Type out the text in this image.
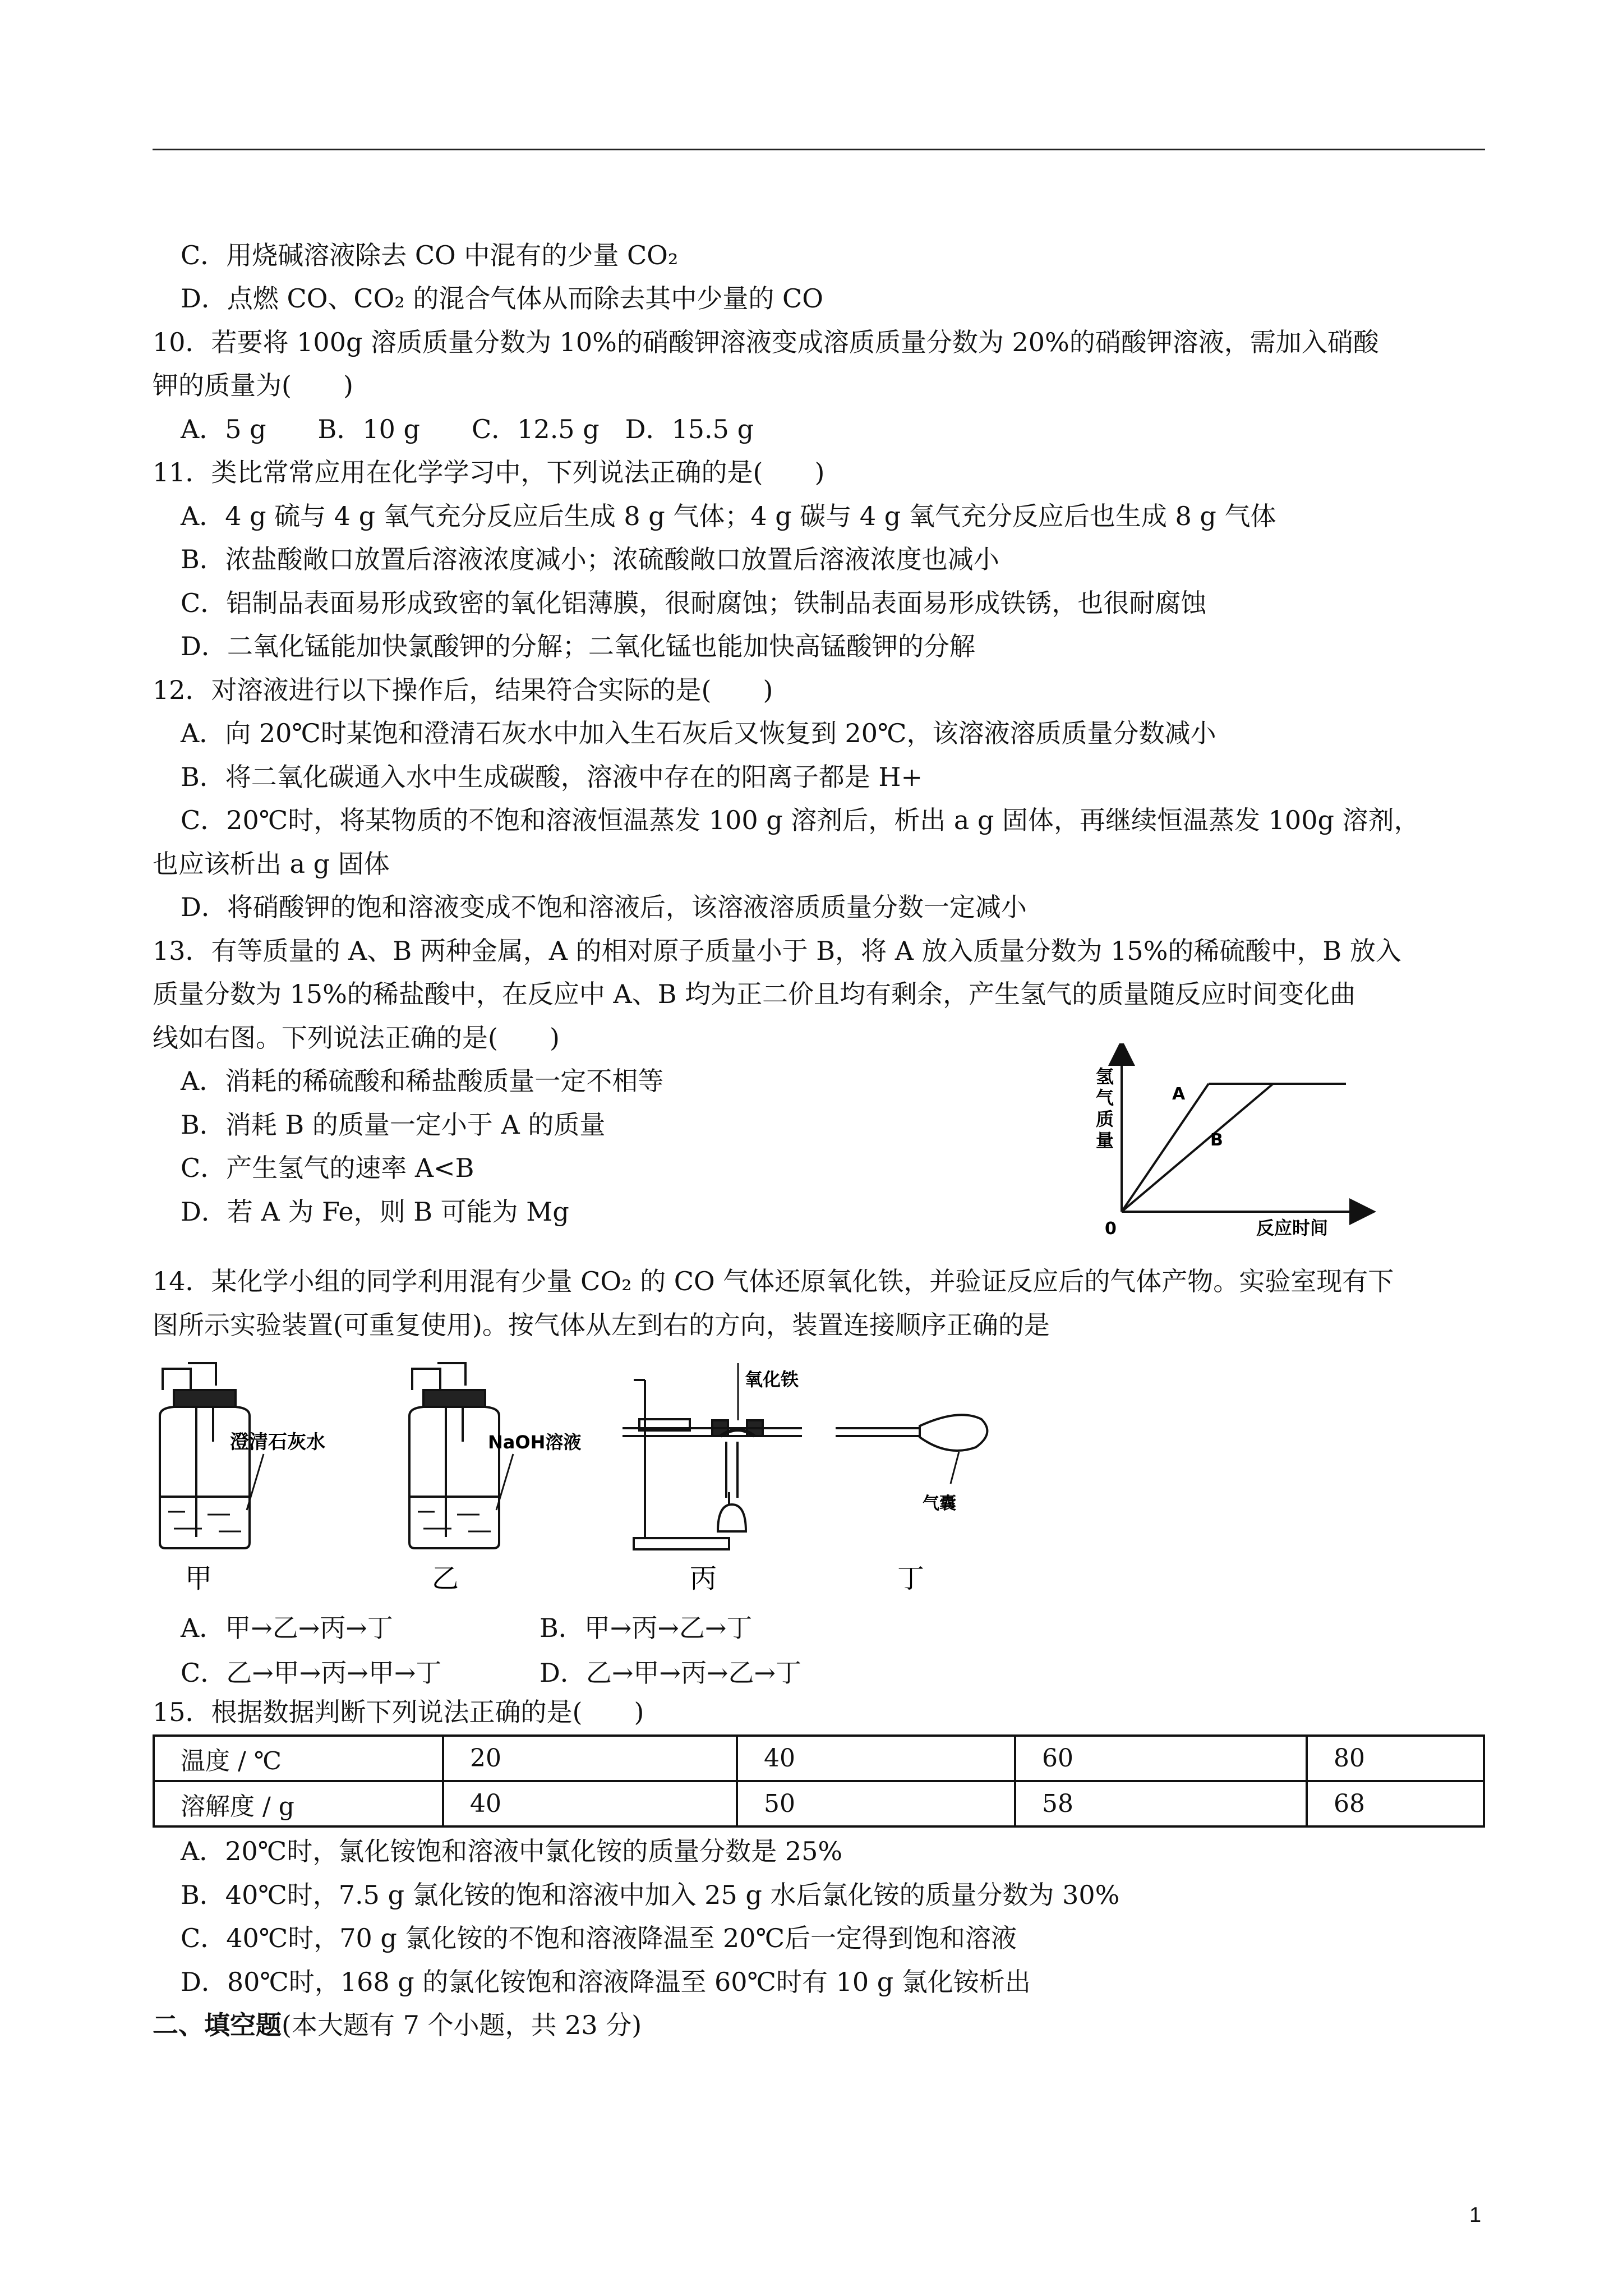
C．用烧碱溶液除去 CO 中混有的少量 CO₂
D．点燃 CO、CO₂ 的混合气体从而除去其中少量的 CO
10．若要将 100g 溶质质量分数为 10%的硝酸钾溶液变成溶质质量分数为 20%的硝酸钾溶液，需加入硝酸
钾的质量为(　　)
A．5 g　　B．10 g　　C．12.5 g　D．15.5 g
11．类比常常应用在化学学习中，下列说法正确的是(　　)
A．4 g 硫与 4 g 氧气充分反应后生成 8 g 气体；4 g 碳与 4 g 氧气充分反应后也生成 8 g 气体
B．浓盐酸敞口放置后溶液浓度减小；浓硫酸敞口放置后溶液浓度也减小
C．铝制品表面易形成致密的氧化铝薄膜，很耐腐蚀；铁制品表面易形成铁锈，也很耐腐蚀
D．二氧化锰能加快氯酸钾的分解；二氧化锰也能加快高锰酸钾的分解
12．对溶液进行以下操作后，结果符合实际的是(　　)
A．向 20℃时某饱和澄清石灰水中加入生石灰后又恢复到 20℃，该溶液溶质质量分数减小
B．将二氧化碳通入水中生成碳酸，溶液中存在的阳离子都是 H+
C．20℃时，将某物质的不饱和溶液恒温蒸发 100 g 溶剂后，析出 a g 固体，再继续恒温蒸发 100g 溶剂，
也应该析出 a g 固体
D．将硝酸钾的饱和溶液变成不饱和溶液后，该溶液溶质质量分数一定减小
13．有等质量的 A、B 两种金属，A 的相对原子质量小于 B，将 A 放入质量分数为 15%的稀硫酸中，B 放入
质量分数为 15%的稀盐酸中，在反应中 A、B 均为正二价且均有剩余，产生氢气的质量随反应时间变化曲
线如右图。下列说法正确的是(　　)
A．消耗的稀硫酸和稀盐酸质量一定不相等
B．消耗 B 的质量一定小于 A 的质量
C．产生氢气的速率 A<B
D．若 A 为 Fe，则 B 可能为 Mg
氢 气 质 量
0	反应时间
A
B
14．某化学小组的同学利用混有少量 CO₂ 的 CO 气体还原氧化铁，并验证反应后的气体产物。实验室现有下
图所示实验装置(可重复使用)。按气体从左到右的方向，装置连接顺序正确的是
澄清石灰水
甲
NaOH溶液
乙
氧化铁
丙
气囊
丁
A．甲→乙→丙→丁	B．甲→丙→乙→丁
C．乙→甲→丙→甲→丁	D．乙→甲→丙→乙→丁
15．根据数据判断下列说法正确的是(　　)
温度 / ℃	20	40	60	80
溶解度 / g	40	50	58	68
A．20℃时，氯化铵饱和溶液中氯化铵的质量分数是 25%
B．40℃时，7.5 g 氯化铵的饱和溶液中加入 25 g 水后氯化铵的质量分数为 30%
C．40℃时，70 g 氯化铵的不饱和溶液降温至 20℃后一定得到饱和溶液
D．80℃时，168 g 的氯化铵饱和溶液降温至 60℃时有 10 g 氯化铵析出
二、填空题(本大题有 7 个小题，共 23 分)
1
